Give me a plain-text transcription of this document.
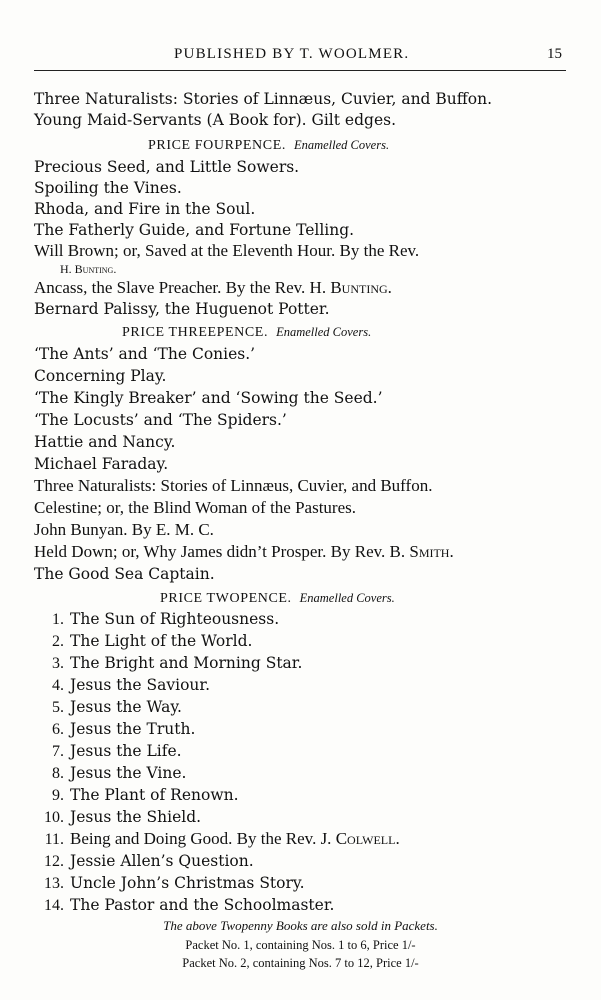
PUBLISHED BY T. WOOLMER.	15
Three Naturalists: Stories of Linnæus, Cuvier, and Buffon.
Young Maid-Servants (A Book for). Gilt edges.
PRICE FOURPENCE. Enamelled Covers.
Precious Seed, and Little Sowers.
Spoiling the Vines.
Rhoda, and Fire in the Soul.
The Fatherly Guide, and Fortune Telling.
Will Brown; or, Saved at the Eleventh Hour. By the Rev.
H. Bunting.
Ancass, the Slave Preacher. By the Rev. H. Bunting.
Bernard Palissy, the Huguenot Potter.
PRICE THREEPENCE. Enamelled Covers.
‘The Ants’ and ‘The Conies.’
Concerning Play.
‘The Kingly Breaker’ and ‘Sowing the Seed.’
‘The Locusts’ and ‘The Spiders.’
Hattie and Nancy.
Michael Faraday.
Three Naturalists: Stories of Linnæus, Cuvier, and Buffon.
Celestine; or, the Blind Woman of the Pastures.
John Bunyan. By E. M. C.
Held Down; or, Why James didn’t Prosper. By Rev. B. Smith.
The Good Sea Captain.
PRICE TWOPENCE. Enamelled Covers.
1. The Sun of Righteousness.
2. The Light of the World.
3. The Bright and Morning Star.
4. Jesus the Saviour.
5. Jesus the Way.
6. Jesus the Truth.
7. Jesus the Life.
8. Jesus the Vine.
9. The Plant of Renown.
10. Jesus the Shield.
11. Being and Doing Good. By the Rev. J. Colwell.
12. Jessie Allen’s Question.
13. Uncle John’s Christmas Story.
14. The Pastor and the Schoolmaster.
The above Twopenny Books are also sold in Packets.
Packet No. 1, containing Nos. 1 to 6, Price 1/-
Packet No. 2, containing Nos. 7 to 12, Price 1/-
